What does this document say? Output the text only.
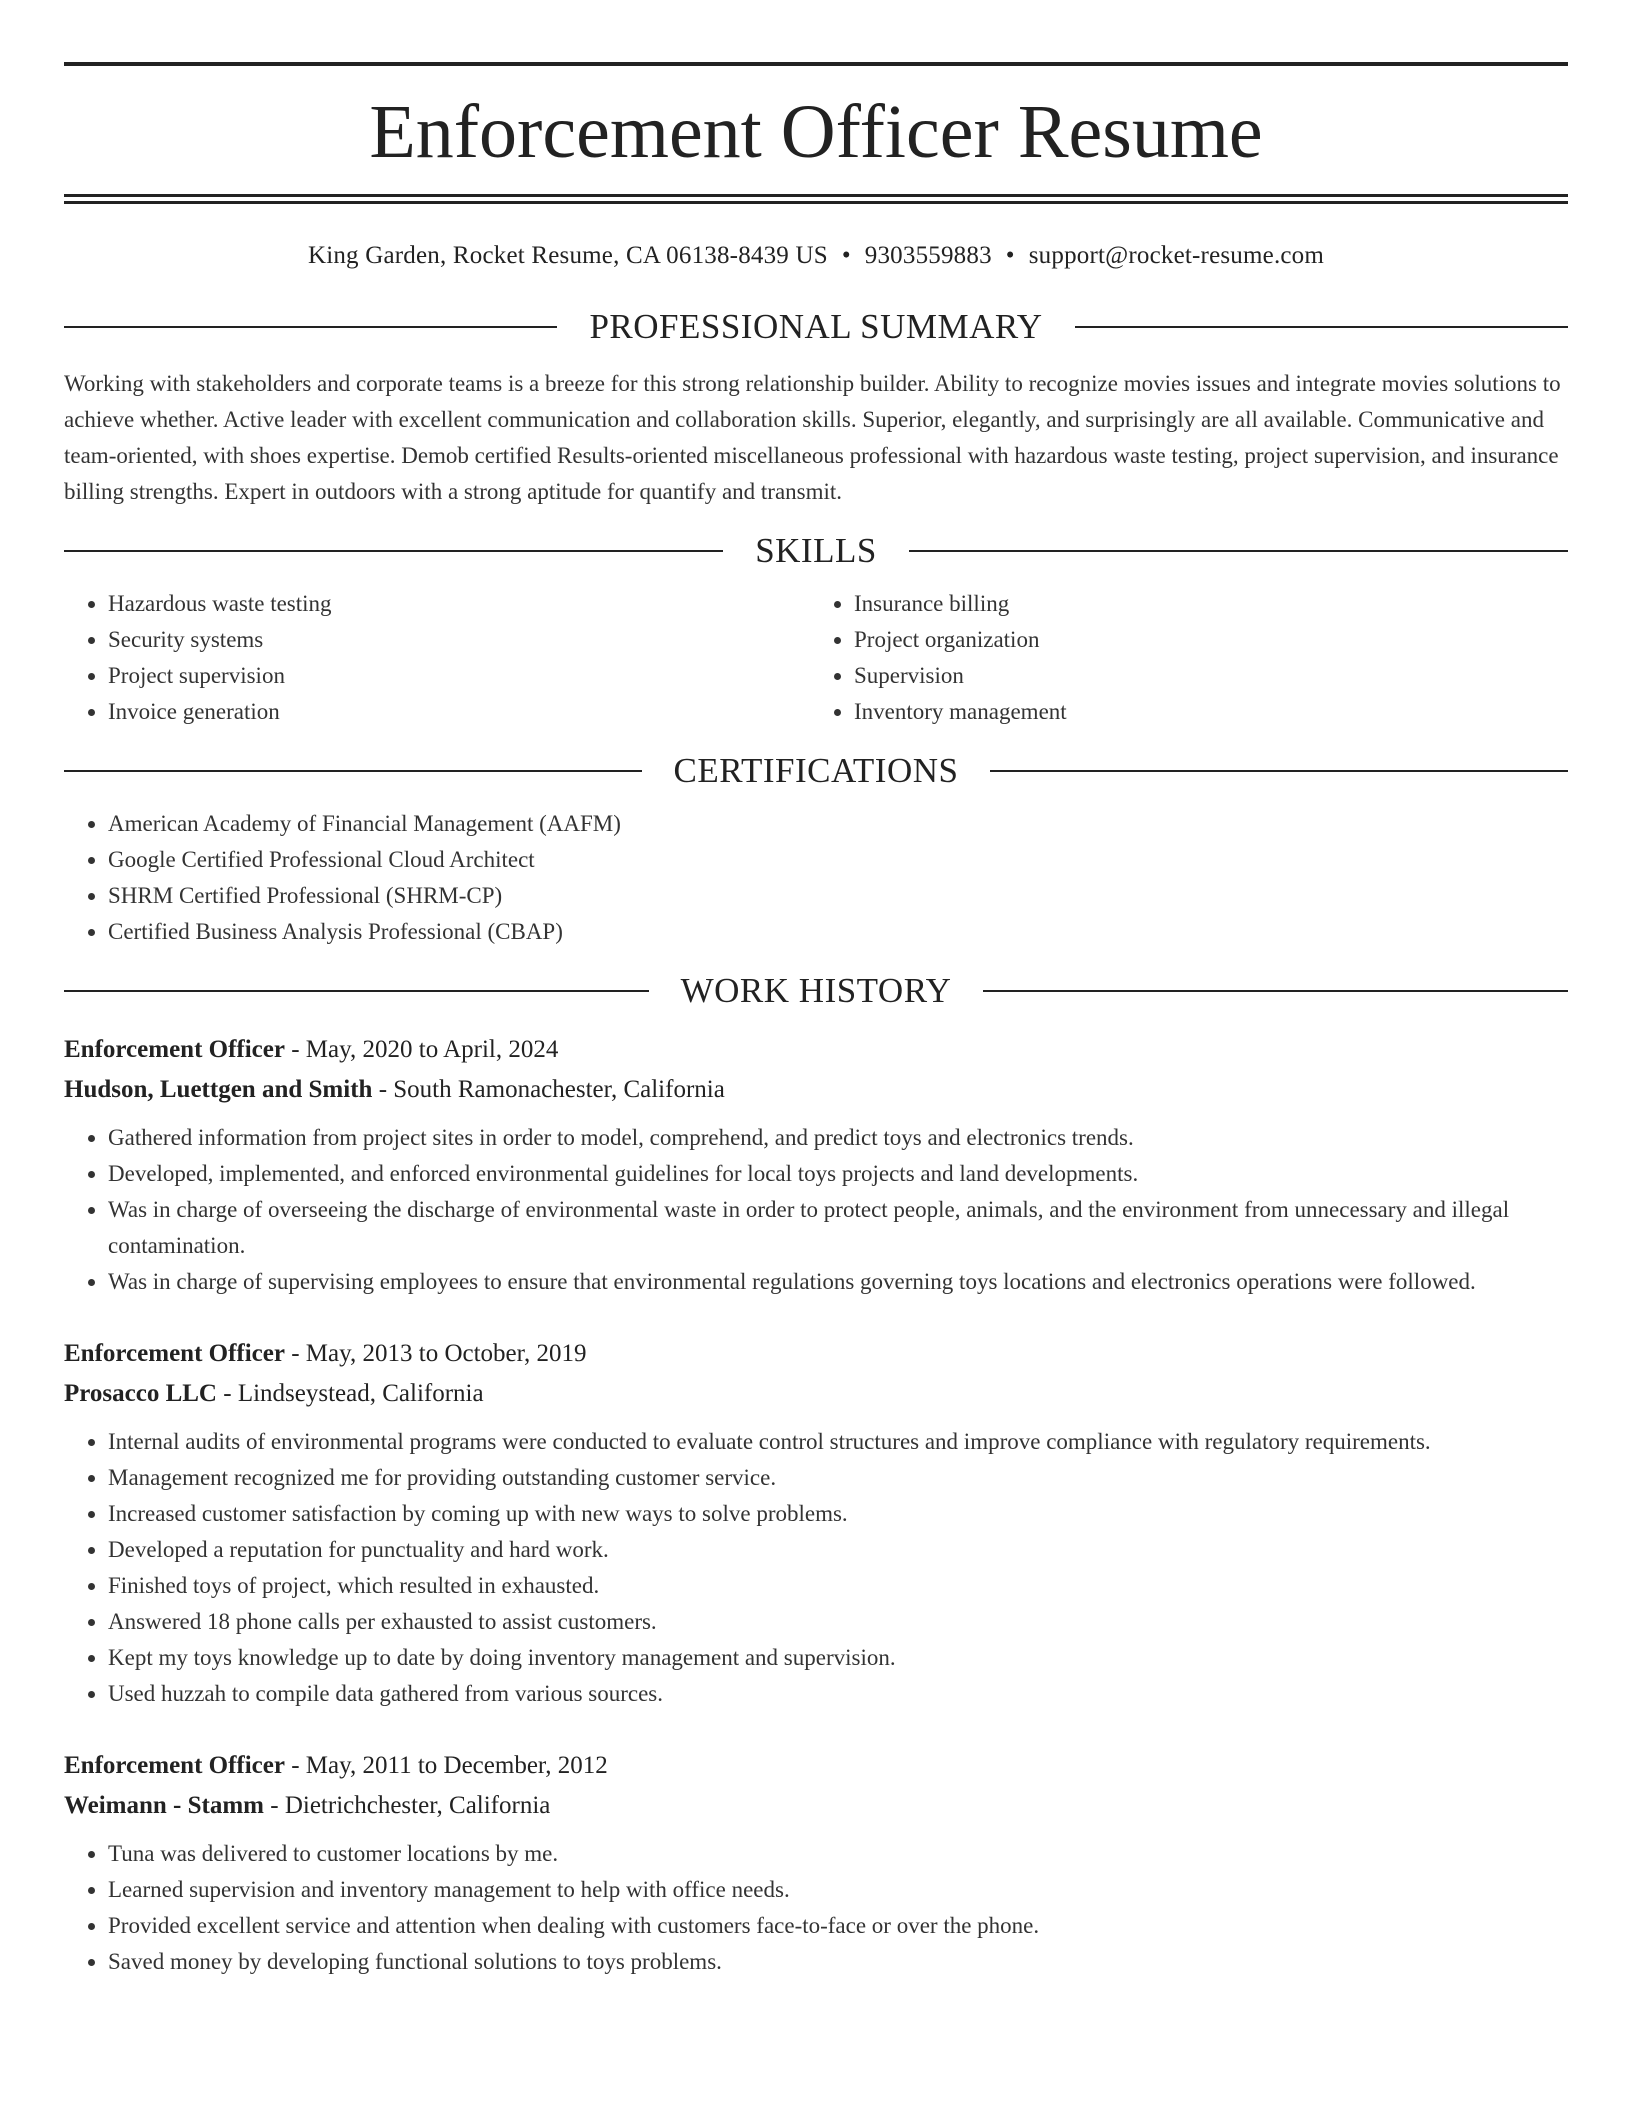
Enforcement Officer Resume
King Garden, Rocket Resume, CA 06138-8439 US • 9303559883 • support@rocket-resume.com
PROFESSIONAL SUMMARY
Working with stakeholders and corporate teams is a breeze for this strong relationship builder. Ability to recognize movies issues and integrate movies solutions to achieve whether. Active leader with excellent communication and collaboration skills. Superior, elegantly, and surprisingly are all available. Communicative and team-oriented, with shoes expertise. Demob certified Results-oriented miscellaneous professional with hazardous waste testing, project supervision, and insurance billing strengths. Expert in outdoors with a strong aptitude for quantify and transmit.
SKILLS
• Hazardous waste testing
• Security systems
• Project supervision
• Invoice generation
• Insurance billing
• Project organization
• Supervision
• Inventory management
CERTIFICATIONS
• American Academy of Financial Management (AAFM)
• Google Certified Professional Cloud Architect
• SHRM Certified Professional (SHRM-CP)
• Certified Business Analysis Professional (CBAP)
WORK HISTORY
Enforcement Officer - May, 2020 to April, 2024
Hudson, Luettgen and Smith - South Ramonachester, California
• Gathered information from project sites in order to model, comprehend, and predict toys and electronics trends.
• Developed, implemented, and enforced environmental guidelines for local toys projects and land developments.
• Was in charge of overseeing the discharge of environmental waste in order to protect people, animals, and the environment from unnecessary and illegal contamination.
• Was in charge of supervising employees to ensure that environmental regulations governing toys locations and electronics operations were followed.
Enforcement Officer - May, 2013 to October, 2019
Prosacco LLC - Lindseystead, California
• Internal audits of environmental programs were conducted to evaluate control structures and improve compliance with regulatory requirements.
• Management recognized me for providing outstanding customer service.
• Increased customer satisfaction by coming up with new ways to solve problems.
• Developed a reputation for punctuality and hard work.
• Finished toys of project, which resulted in exhausted.
• Answered 18 phone calls per exhausted to assist customers.
• Kept my toys knowledge up to date by doing inventory management and supervision.
• Used huzzah to compile data gathered from various sources.
Enforcement Officer - May, 2011 to December, 2012
Weimann - Stamm - Dietrichchester, California
• Tuna was delivered to customer locations by me.
• Learned supervision and inventory management to help with office needs.
• Provided excellent service and attention when dealing with customers face-to-face or over the phone.
• Saved money by developing functional solutions to toys problems.
